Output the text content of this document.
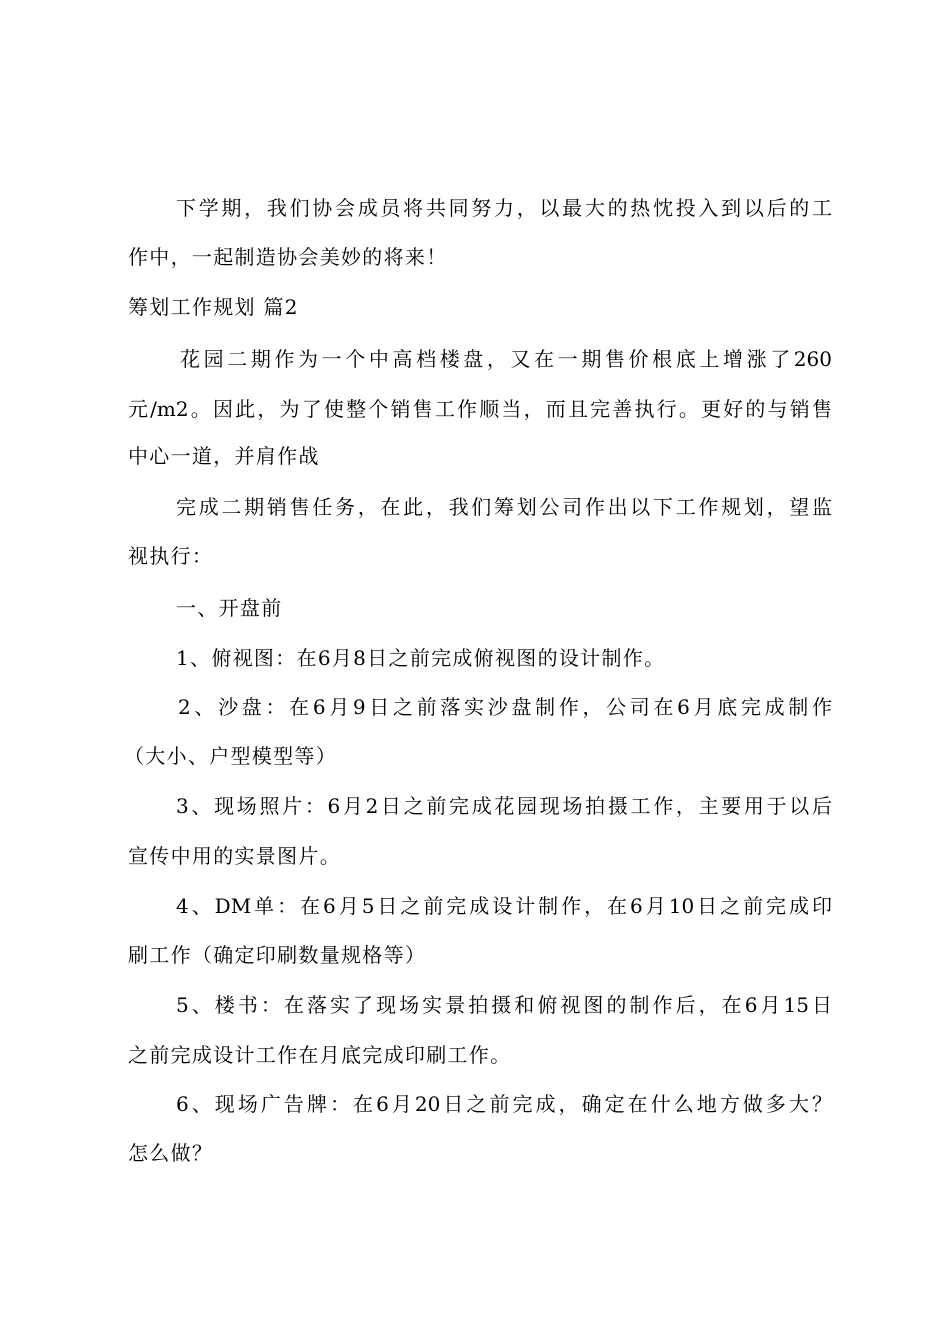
下学期，我们协会成员将共同努力，以最大的热忱投入到以后的工
作中，一起制造协会美妙的将来！
筹划工作规划 篇2
花园二期作为一个中高档楼盘，又在一期售价根底上增涨了260
元/m2。因此，为了使整个销售工作顺当，而且完善执行。更好的与销售
中心一道，并肩作战
完成二期销售任务，在此，我们筹划公司作出以下工作规划，望监
视执行：
一、开盘前
1、俯视图：在6月8日之前完成俯视图的设计制作。
2、沙盘：在6月9日之前落实沙盘制作，公司在6月底完成制作
（大小、户型模型等）
3、现场照片：6月2日之前完成花园现场拍摄工作，主要用于以后
宣传中用的实景图片。
4、DM单：在6月5日之前完成设计制作，在6月10日之前完成印
刷工作（确定印刷数量规格等）
5、楼书：在落实了现场实景拍摄和俯视图的制作后，在6月15日
之前完成设计工作在月底完成印刷工作。
6、现场广告牌：在6月20日之前完成，确定在什么地方做多大？
怎么做？
